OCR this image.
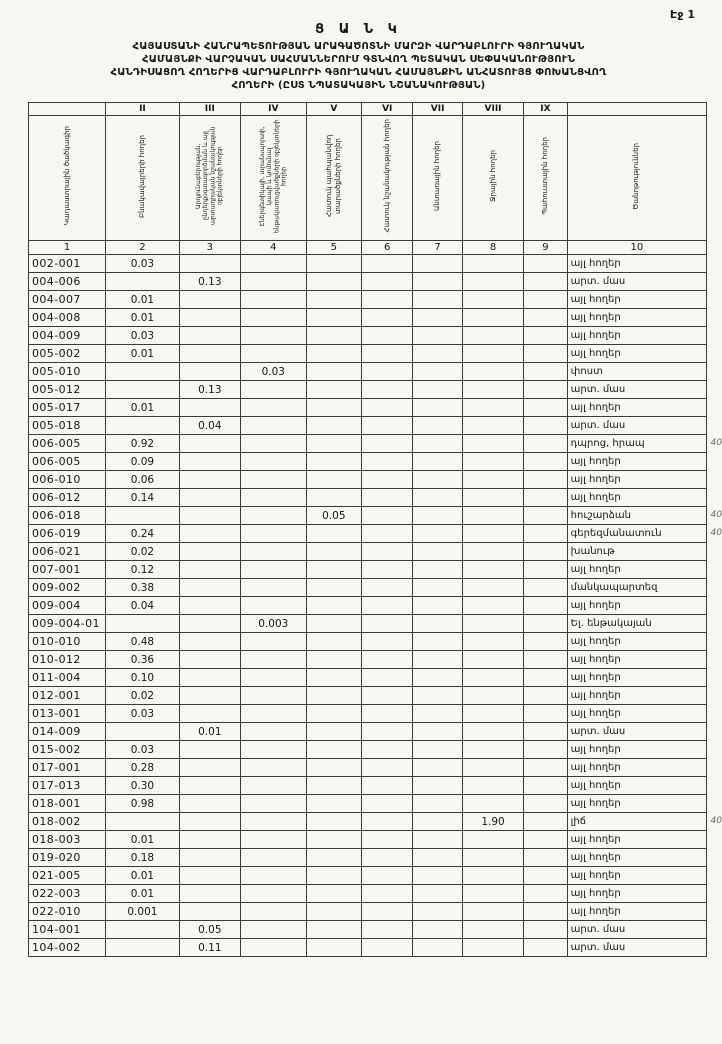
Էջ 1
Ց Ա Ն Կ
ՀԱՅԱՍՏԱՆԻ ՀԱՆՐԱՊԵՏՈՒԹՅԱՆ ԱՐԱԳԱԾՈՏՆԻ ՄԱՐԶԻ ՎԱՐԴԱԲԼՈՒՐԻ ԳՅՈՒՂԱԿԱՆ
ՀԱՄԱՅՆՔԻ ՎԱՐՉԱԿԱՆ ՍԱՀՄԱՆՆԵՐՈՒՄ ԳՏՆՎՈՂ ՊԵՏԱԿԱՆ ՍԵՓԱԿԱՆՈՒԹՅՈՒՆ
ՀԱՆԴԻՍԱՑՈՂ ՀՈՂԵՐԻՑ ՎԱՐԴԱԲԼՈՒՐԻ ԳՅՈՒՂԱԿԱՆ ՀԱՄԱՅՆՔԻՆ ԱՆՀԱՏՈՒՅՑ ՓՈԽԱՆՑՎՈՂ
ՀՈՂԵՐԻ (ԸՍՏ ՆՊԱՏԱԿԱՅԻՆ ՆՇԱՆԱԿՈՒԹՅԱՆ)
	II	III	IV	V	VI	VII	VIII	IX	
Կադաստրային ծածկագիր	Բնակավայրերի հողեր	Արդյունաբերության, ընդերքօգտագործման և այլ արտադրական նշանակության օբյեկտների հողեր	Էներգետիկայի, տրանսպորտի, կապի և կոմունալ ենթակառուցվածքների օբյեկտների հողեր	Հատուկ պահպանվող տարածքների հողեր	Հատուկ նշանակության հողեր	Անտառային հողեր	Ջրային հողեր	Պահուստային հողեր	Ծանոթություններ
1	2	3	4	5	6	7	8	9	10
002-001	0.03								այլ հողեր
004-006		0.13							արտ. մաս
004-007	0.01								այլ հողեր
004-008	0.01								այլ հողեր
004-009	0.03								այլ հողեր
005-002	0.01								այլ հողեր
005-010			0.03						փոստ
005-012		0.13							արտ. մաս
005-017	0.01								այլ հողեր
005-018		0.04							արտ. մաս
006-005	0.92								դպրոց, հրապ 40

006-005	0.09								այլ հողեր
006-010	0.06								այլ հողեր
006-012	0.14								այլ հողեր
006-018				0.05					հուշարձան 40

006-019	0.24								գերեզմանատուն 40

006-021	0.02								խանութ
007-001	0.12								այլ հողեր
009-002	0.38								մանկապարտեզ
009-004	0.04								այլ հողեր
009-004-01			0.003						Ել. ենթակայան
010-010	0.48								այլ հողեր
010-012	0.36								այլ հողեր
011-004	0.10								այլ հողեր
012-001	0.02								այլ հողեր
013-001	0.03								այլ հողեր
014-009		0.01							արտ. մաս
015-002	0.03								այլ հողեր
017-001	0.28								այլ հողեր
017-013	0.30								այլ հողեր
018-001	0.98								այլ հողեր
018-002							1.90		լիճ 40

018-003	0.01								այլ հողեր
019-020	0.18								այլ հողեր
021-005	0.01								այլ հողեր
022-003	0.01								այլ հողեր
022-010	0.001								այլ հողեր
104-001		0.05							արտ. մաս
104-002		0.11							արտ. մաս
